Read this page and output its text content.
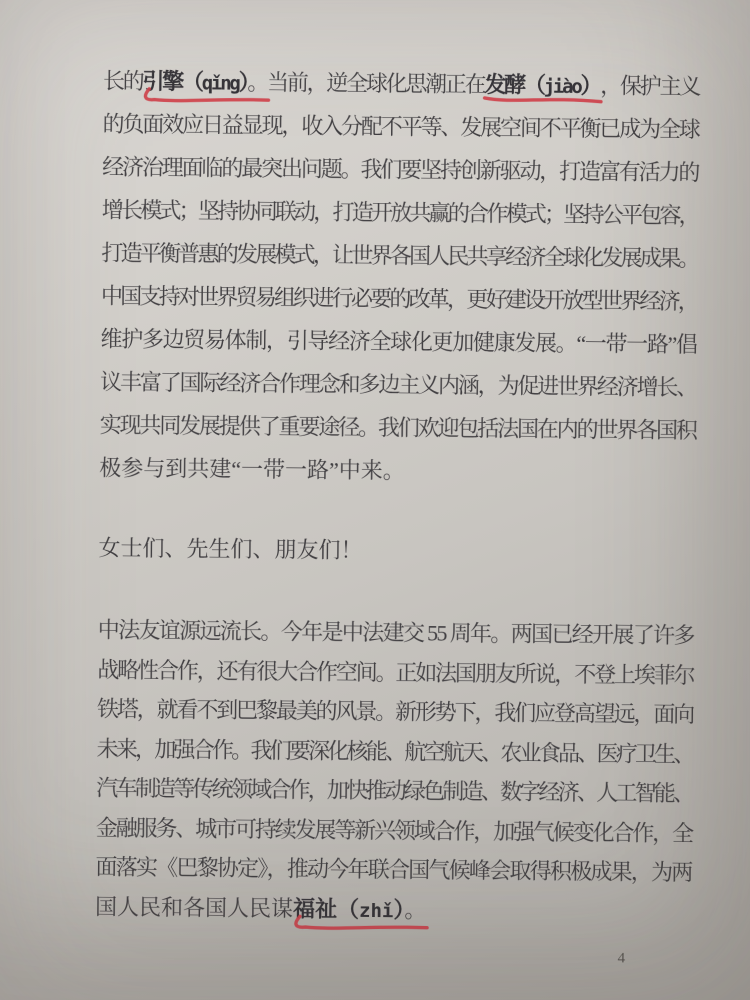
长的引擎（qǐng）。
当前，逆全球化思潮正在发酵（jiào）
，保护主义
的负面效应日益显现，收入分配不平等、发展空间不平衡已成为全球
经济治理面临的最突出问题。我们要坚持创新驱动，打造富有活力的
增长模式；坚持协同联动，打造开放共赢的合作模式；坚持公平包容，
打造平衡普惠的发展模式，让世界各国人民共享经济全球化发展成果。
中国支持对世界贸易组织进行必要的改革，更好建设开放型世界经济，
维护多边贸易体制，引导经济全球化更加健康发展。“一带一路”倡
议丰富了国际经济合作理念和多边主义内涵，为促进世界经济增长、
实现共同发展提供了重要途径。我们欢迎包括法国在内的世界各国积
极参与到共建“一带一路”中来。
女士们、先生们、朋友们！
中法友谊源远流长。今年是中法建交 55 周年。两国已经开展了许多
战略性合作，还有很大合作空间。正如法国朋友所说，不登上埃菲尔
铁塔，就看不到巴黎最美的风景。新形势下，我们应登高望远，面向
未来，加强合作。我们要深化核能、航空航天、农业食品、医疗卫生、
汽车制造等传统领域合作，加快推动绿色制造、数字经济、人工智能、
金融服务、城市可持续发展等新兴领域合作，加强气候变化合作，全
面落实《巴黎协定》，推动今年联合国气候峰会取得积极成果，为两
国人民和各国人民谋福祉（zhǐ）。
4
